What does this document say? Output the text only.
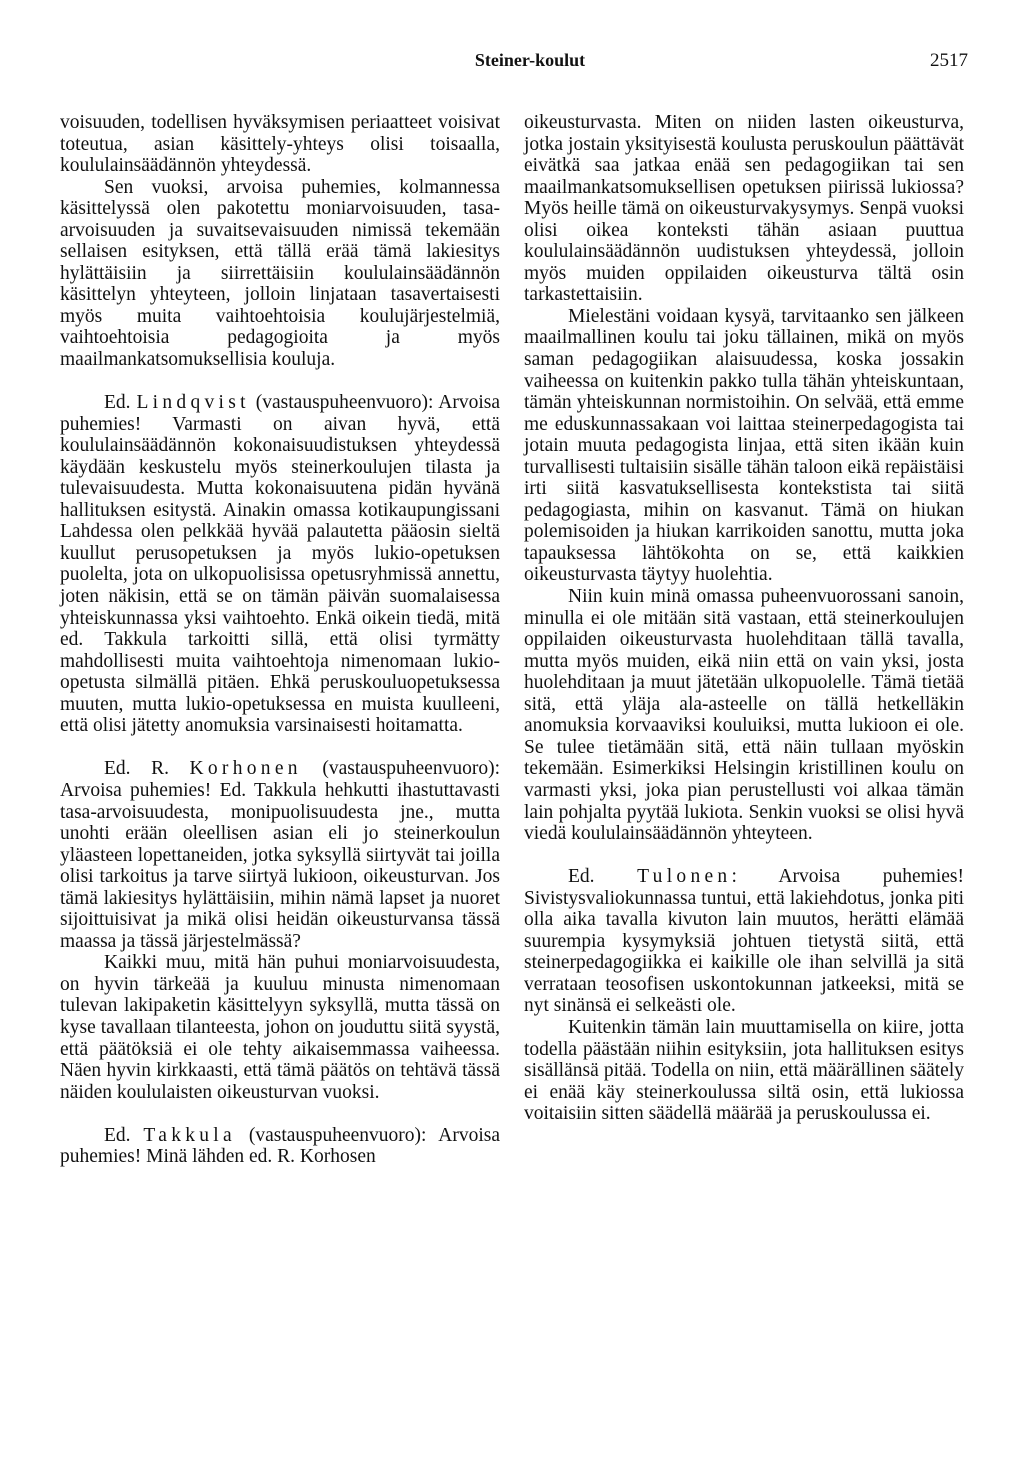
Steiner-koulut	2517

voisuuden, todellisen hyväksymisen periaatteet voisivat toteutua, asian käsittely-yhteys olisi toisaalla, koululainsäädännön yhteydessä.

Sen vuoksi, arvoisa puhemies, kolmannessa käsittelyssä olen pakotettu moniarvoisuuden, tasa-arvoisuuden ja suvaitsevaisuuden nimissä tekemään sellaisen esityksen, että tällä erää tämä lakiesitys hylättäisiin ja siirrettäisiin koululainsäädännön käsittelyn yhteyteen, jolloin linjataan tasavertaisesti myös muita vaihtoehtoisia koulujärjestelmiä, vaihtoehtoisia pedagogioita ja myös maailmankatsomuksellisia kouluja.

Ed. Lindqvist (vastauspuheenvuoro): Arvoisa puhemies! Varmasti on aivan hyvä, että koululainsäädännön kokonaisuudistuksen yhteydessä käydään keskustelu myös steinerkoulujen tilasta ja tulevaisuudesta. Mutta kokonaisuutena pidän hyvänä hallituksen esitystä. Ainakin omassa kotikaupungissani Lahdessa olen pelkkää hyvää palautetta pääosin sieltä kuullut perusopetuksen ja myös lukio-opetuksen puolelta, jota on ulkopuolisissa opetusryhmissä annettu, joten näkisin, että se on tämän päivän suomalaisessa yhteiskunnassa yksi vaihtoehto. Enkä oikein tiedä, mitä ed. Takkula tarkoitti sillä, että olisi tyrmätty mahdollisesti muita vaihtoehtoja nimenomaan lukio-opetusta silmällä pitäen. Ehkä peruskouluopetuksessa muuten, mutta lukio-opetuksessa en muista kuulleeni, että olisi jätetty anomuksia varsinaisesti hoitamatta.

Ed. R. Korhonen (vastauspuheenvuoro): Arvoisa puhemies! Ed. Takkula hehkutti ihastuttavasti tasa-arvoisuudesta, monipuolisuudesta jne., mutta unohti erään oleellisen asian eli jo steinerkoulun yläasteen lopettaneiden, jotka syksyllä siirtyvät tai joilla olisi tarkoitus ja tarve siirtyä lukioon, oikeusturvan. Jos tämä lakiesitys hylättäisiin, mihin nämä lapset ja nuoret sijoittuisivat ja mikä olisi heidän oikeusturvansa tässä maassa ja tässä järjestelmässä?

Kaikki muu, mitä hän puhui moniarvoisuudesta, on hyvin tärkeää ja kuuluu minusta nimenomaan tulevan lakipaketin käsittelyyn syksyllä, mutta tässä on kyse tavallaan tilanteesta, johon on jouduttu siitä syystä, että päätöksiä ei ole tehty aikaisemmassa vaiheessa. Näen hyvin kirkkaasti, että tämä päätös on tehtävä tässä näiden koululaisten oikeusturvan vuoksi.

Ed. Takkula (vastauspuheenvuoro): Arvoisa puhemies! Minä lähden ed. R. Korhosen

oikeusturvasta. Miten on niiden lasten oikeusturva, jotka jostain yksityisestä koulusta peruskoulun päättävät eivätkä saa jatkaa enää sen pedagogiikan tai sen maailmankatsomuksellisen opetuksen piirissä lukiossa? Myös heille tämä on oikeusturvakysymys. Senpä vuoksi olisi oikea konteksti tähän asiaan puuttua koululainsäädännön uudistuksen yhteydessä, jolloin myös muiden oppilaiden oikeusturva tältä osin tarkastettaisiin.

Mielestäni voidaan kysyä, tarvitaanko sen jälkeen maailmallinen koulu tai joku tällainen, mikä on myös saman pedagogiikan alaisuudessa, koska jossakin vaiheessa on kuitenkin pakko tulla tähän yhteiskuntaan, tämän yhteiskunnan normistoihin. On selvää, että emme me eduskunnassakaan voi laittaa steinerpedagogista tai jotain muuta pedagogista linjaa, että siten ikään kuin turvallisesti tultaisiin sisälle tähän taloon eikä repäistäisi irti siitä kasvatuksellisesta kontekstista tai siitä pedagogiasta, mihin on kasvanut. Tämä on hiukan polemisoiden ja hiukan karrikoiden sanottu, mutta joka tapauksessa lähtökohta on se, että kaikkien oikeusturvasta täytyy huolehtia.

Niin kuin minä omassa puheenvuorossani sanoin, minulla ei ole mitään sitä vastaan, että steinerkoulujen oppilaiden oikeusturvasta huolehditaan tällä tavalla, mutta myös muiden, eikä niin että on vain yksi, josta huolehditaan ja muut jätetään ulkopuolelle. Tämä tietää sitä, että yläja ala-asteelle on tällä hetkelläkin anomuksia korvaaviksi kouluiksi, mutta lukioon ei ole. Se tulee tietämään sitä, että näin tullaan myöskin tekemään. Esimerkiksi Helsingin kristillinen koulu on varmasti yksi, joka pian perustellusti voi alkaa tämän lain pohjalta pyytää lukiota. Senkin vuoksi se olisi hyvä viedä koululainsäädännön yhteyteen.

Ed. Tulonen: Arvoisa puhemies! Sivistysvaliokunnassa tuntui, että lakiehdotus, jonka piti olla aika tavalla kivuton lain muutos, herätti elämää suurempia kysymyksiä johtuen tietystä siitä, että steinerpedagogiikka ei kaikille ole ihan selvillä ja sitä verrataan teosofisen uskontokunnan jatkeeksi, mitä se nyt sinänsä ei selkeästi ole.

Kuitenkin tämän lain muuttamisella on kiire, jotta todella päästään niihin esityksiin, jota hallituksen esitys sisällänsä pitää. Todella on niin, että määrällinen säätely ei enää käy steinerkoulussa siltä osin, että lukiossa voitaisiin sitten säädellä määrää ja peruskoulussa ei.
